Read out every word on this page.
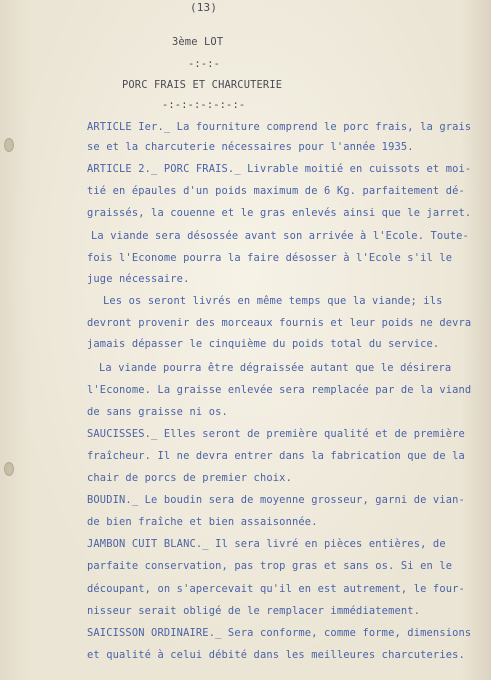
(13)
3ème LOT
-:-:-
PORC FRAIS ET CHARCUTERIE
-:-:-:-:-:-:-
ARTICLE Ier._ La fourniture comprend le porc frais, la grais
se et la charcuterie nécessaires pour l'année 1935.
ARTICLE 2._ PORC FRAIS._ Livrable moitié en cuissots et moi-
tié en épaules d'un poids maximum de 6 Kg. parfaitement dé-
graissés, la couenne et le gras enlevés ainsi que le jarret.
La viande sera désossée avant son arrivée à l'Ecole. Toute-
fois l'Econome pourra la faire désosser à l'Ecole s'il le
juge nécessaire.
Les os seront livrés en même temps que la viande; ils
devront provenir des morceaux fournis et leur poids ne devra
jamais dépasser le cinquième du poids total du service.
La viande pourra être dégraissée autant que le désirera
l'Econome. La graisse enlevée sera remplacée par de la viand
de sans graisse ni os.
SAUCISSES._ Elles seront de première qualité et de première
fraîcheur. Il ne devra entrer dans la fabrication que de la
chair de porcs de premier choix.
BOUDIN._ Le boudin sera de moyenne grosseur, garni de vian-
de bien fraîche et bien assaisonnée.
JAMBON CUIT BLANC._ Il sera livré en pièces entières, de
parfaite conservation, pas trop gras et sans os. Si en le
découpant, on s'apercevait qu'il en est autrement, le four-
nisseur serait obligé de le remplacer immédiatement.
SAICISSON ORDINAIRE._ Sera conforme, comme forme, dimensions
et qualité à celui débité dans les meilleures charcuteries.
